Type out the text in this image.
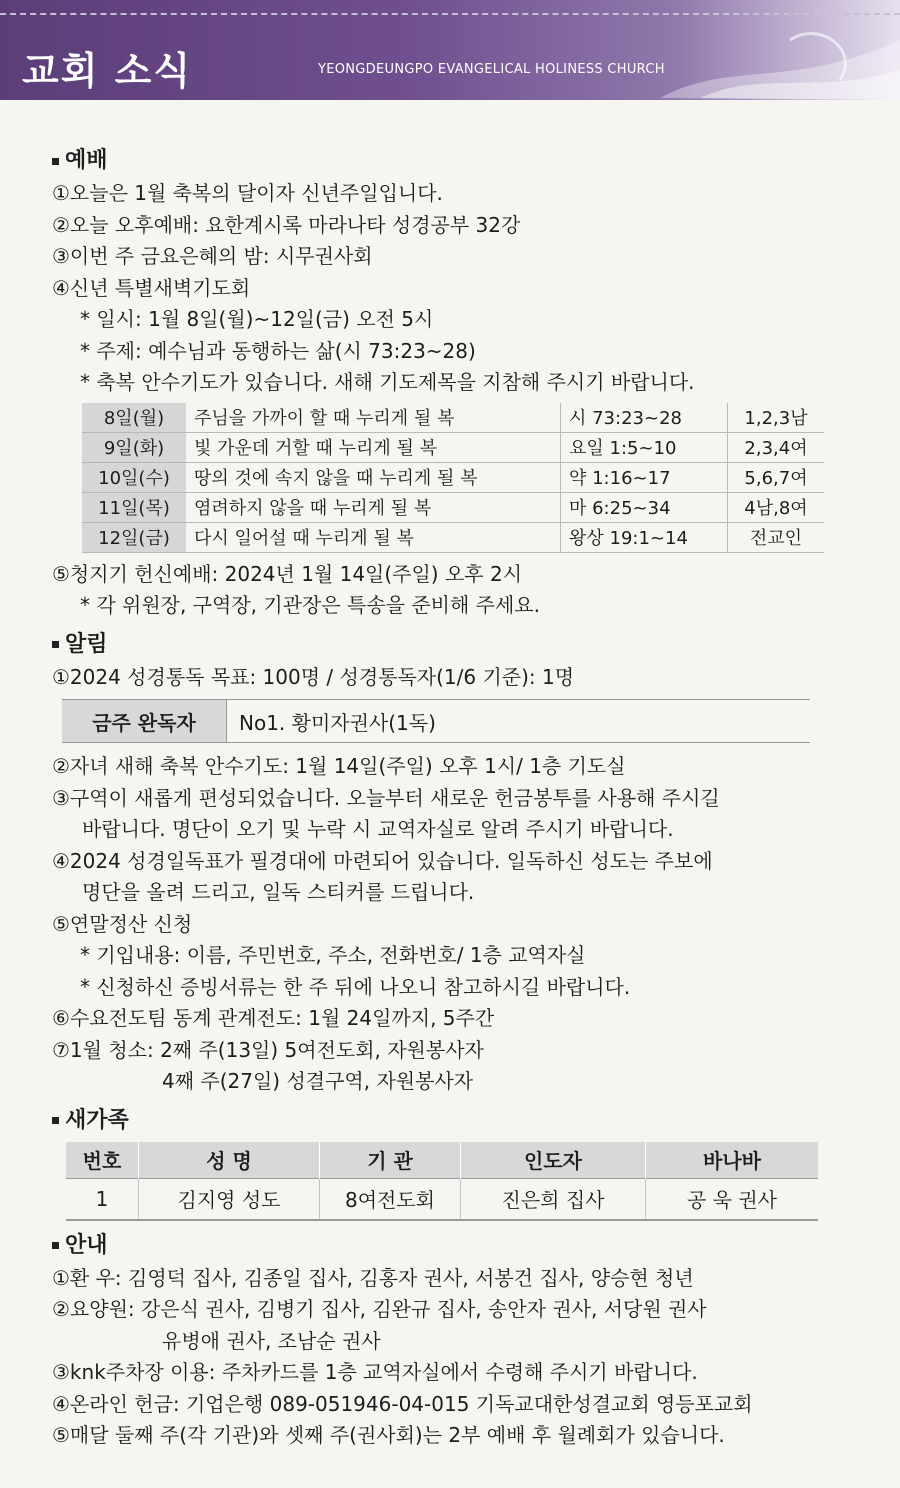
교회 소식	YEONGDEUNGPO EVANGELICAL HOLINESS CHURCH
예배
①오늘은 1월 축복의 달이자 신년주일입니다.
②오늘 오후예배: 요한계시록 마라나타 성경공부 32강
③이번 주 금요은혜의 밤: 시무권사회
④신년 특별새벽기도회
* 일시: 1월 8일(월)~12일(금) 오전 5시
* 주제: 예수님과 동행하는 삶(시 73:23~28)
* 축복 안수기도가 있습니다. 새해 기도제목을 지참해 주시기 바랍니다.
8일(월)	주님을 가까이 할 때 누리게 될 복	시 73:23~28	1,2,3남
9일(화)	빛 가운데 거할 때 누리게 될 복	요일 1:5~10	2,3,4여
10일(수)	땅의 것에 속지 않을 때 누리게 될 복	약 1:16~17	5,6,7여
11일(목)	염려하지 않을 때 누리게 될 복	마 6:25~34	4남,8여
12일(금)	다시 일어설 때 누리게 될 복	왕상 19:1~14	전교인
⑤청지기 헌신예배: 2024년 1월 14일(주일) 오후 2시
* 각 위원장, 구역장, 기관장은 특송을 준비해 주세요.
알림
①2024 성경통독 목표: 100명 / 성경통독자(1/6 기준): 1명
금주 완독자	No1. 황미자권사(1독)
②자녀 새해 축복 안수기도: 1월 14일(주일) 오후 1시/ 1층 기도실
③구역이 새롭게 편성되었습니다. 오늘부터 새로운 헌금봉투를 사용해 주시길
바랍니다. 명단이 오기 및 누락 시 교역자실로 알려 주시기 바랍니다.
④2024 성경일독표가 필경대에 마련되어 있습니다. 일독하신 성도는 주보에
명단을 올려 드리고, 일독 스티커를 드립니다.
⑤연말정산 신청
* 기입내용: 이름, 주민번호, 주소, 전화번호/ 1층 교역자실
* 신청하신 증빙서류는 한 주 뒤에 나오니 참고하시길 바랍니다.
⑥수요전도팀 동계 관계전도: 1월 24일까지, 5주간
⑦1월 청소: 2째 주(13일) 5여전도회, 자원봉사자
4째 주(27일) 성결구역, 자원봉사자
새가족
번호	성 명	기 관	인도자	바나바
1	김지영 성도	8여전도회	진은희 집사	공 욱 권사
안내
①환 우: 김영덕 집사, 김종일 집사, 김홍자 권사, 서봉건 집사, 양승현 청년
②요양원: 강은식 권사, 김병기 집사, 김완규 집사, 송안자 권사, 서당원 권사
유병애 권사, 조남순 권사
③knk주차장 이용: 주차카드를 1층 교역자실에서 수령해 주시기 바랍니다.
④온라인 헌금: 기업은행 089-051946-04-015 기독교대한성결교회 영등포교회
⑤매달 둘째 주(각 기관)와 셋째 주(권사회)는 2부 예배 후 월례회가 있습니다.
